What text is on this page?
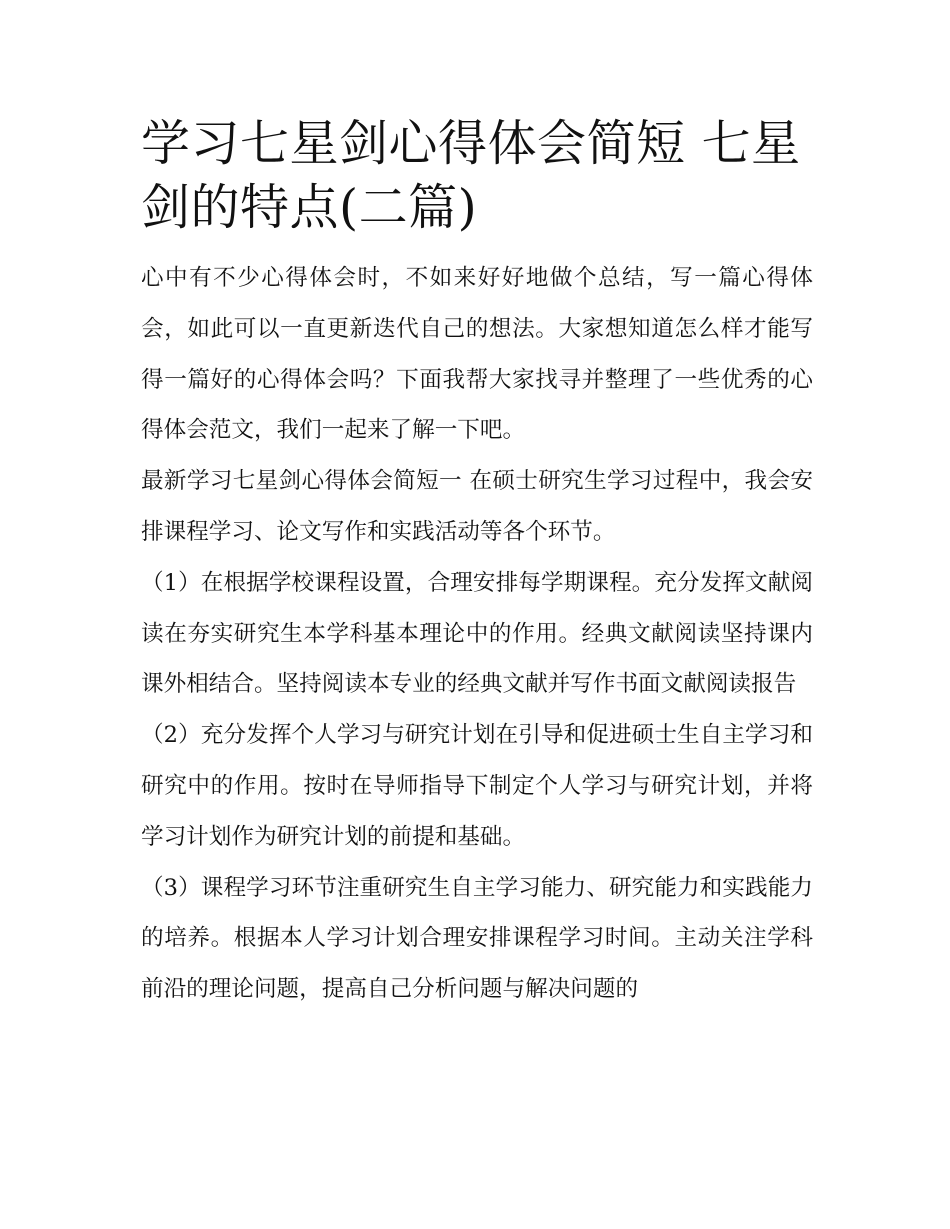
学习七星剑心得体会简短 七星剑的特点(二篇)

心中有不少心得体会时，不如来好好地做个总结，写一篇心得体会，如此可以一直更新迭代自己的想法。大家想知道怎么样才能写得一篇好的心得体会吗？下面我帮大家找寻并整理了一些优秀的心得体会范文，我们一起来了解一下吧。

最新学习七星剑心得体会简短一 在硕士研究生学习过程中，我会安排课程学习、论文写作和实践活动等各个环节。

（1）在根据学校课程设置，合理安排每学期课程。充分发挥文献阅读在夯实研究生本学科基本理论中的作用。经典文献阅读坚持课内课外相结合。坚持阅读本专业的经典文献并写作书面文献阅读报告

（2）充分发挥个人学习与研究计划在引导和促进硕士生自主学习和研究中的作用。按时在导师指导下制定个人学习与研究计划，并将学习计划作为研究计划的前提和基础。

（3）课程学习环节注重研究生自主学习能力、研究能力和实践能力的培养。根据本人学习计划合理安排课程学习时间。主动关注学科前沿的理论问题，提高自己分析问题与解决问题的
